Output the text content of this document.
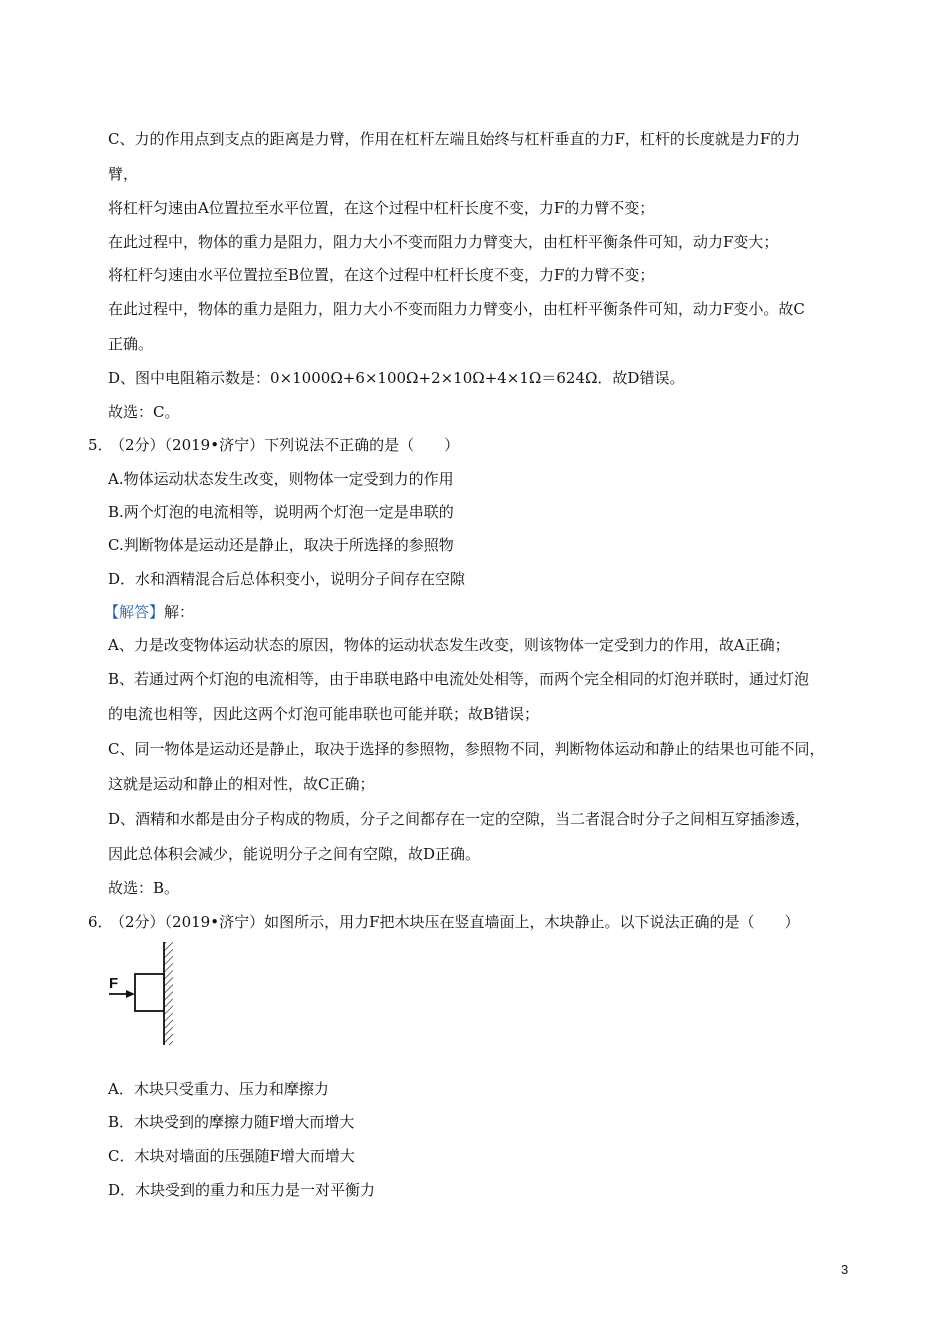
C、力的作用点到支点的距离是力臂，作用在杠杆左端且始终与杠杆垂直的力F，杠杆的长度就是力F的力
臂，
将杠杆匀速由A位置拉至水平位置，在这个过程中杠杆长度不变，力F的力臂不变；
在此过程中，物体的重力是阻力，阻力大小不变而阻力力臂变大，由杠杆平衡条件可知，动力F变大；
将杠杆匀速由水平位置拉至B位置，在这个过程中杠杆长度不变，力F的力臂不变；
在此过程中，物体的重力是阻力，阻力大小不变而阻力力臂变小，由杠杆平衡条件可知，动力F变小。故C
正确。
D、图中电阻箱示数是：0×1000Ω+6×100Ω+2×10Ω+4×1Ω＝624Ω．故D错误。
故选：C。
5．
（2分）（2019•济宁）下列说法不正确的是（　　）
A.物体运动状态发生改变，则物体一定受到力的作用
B.两个灯泡的电流相等，说明两个灯泡一定是串联的
C.判断物体是运动还是静止，取决于所选择的参照物
D．水和酒精混合后总体积变小，说明分子间存在空隙
【解答】解：
A、力是改变物体运动状态的原因，物体的运动状态发生改变，则该物体一定受到力的作用，故A正确；
B、若通过两个灯泡的电流相等，由于串联电路中电流处处相等，而两个完全相同的灯泡并联时，通过灯泡
的电流也相等，因此这两个灯泡可能串联也可能并联；故B错误；
C、同一物体是运动还是静止，取决于选择的参照物，参照物不同，判断物体运动和静止的结果也可能不同，
这就是运动和静止的相对性，故C正确；
D、酒精和水都是由分子构成的物质，分子之间都存在一定的空隙，当二者混合时分子之间相互穿插渗透，
因此总体积会减少，能说明分子之间有空隙，故D正确。
故选：B。
6．
（2分）（2019•济宁）如图所示，用力F把木块压在竖直墙面上，木块静止。以下说法正确的是（　　）
F
A．木块只受重力、压力和摩擦力
B．木块受到的摩擦力随F增大而增大
C．木块对墙面的压强随F增大而增大
D．木块受到的重力和压力是一对平衡力
3
